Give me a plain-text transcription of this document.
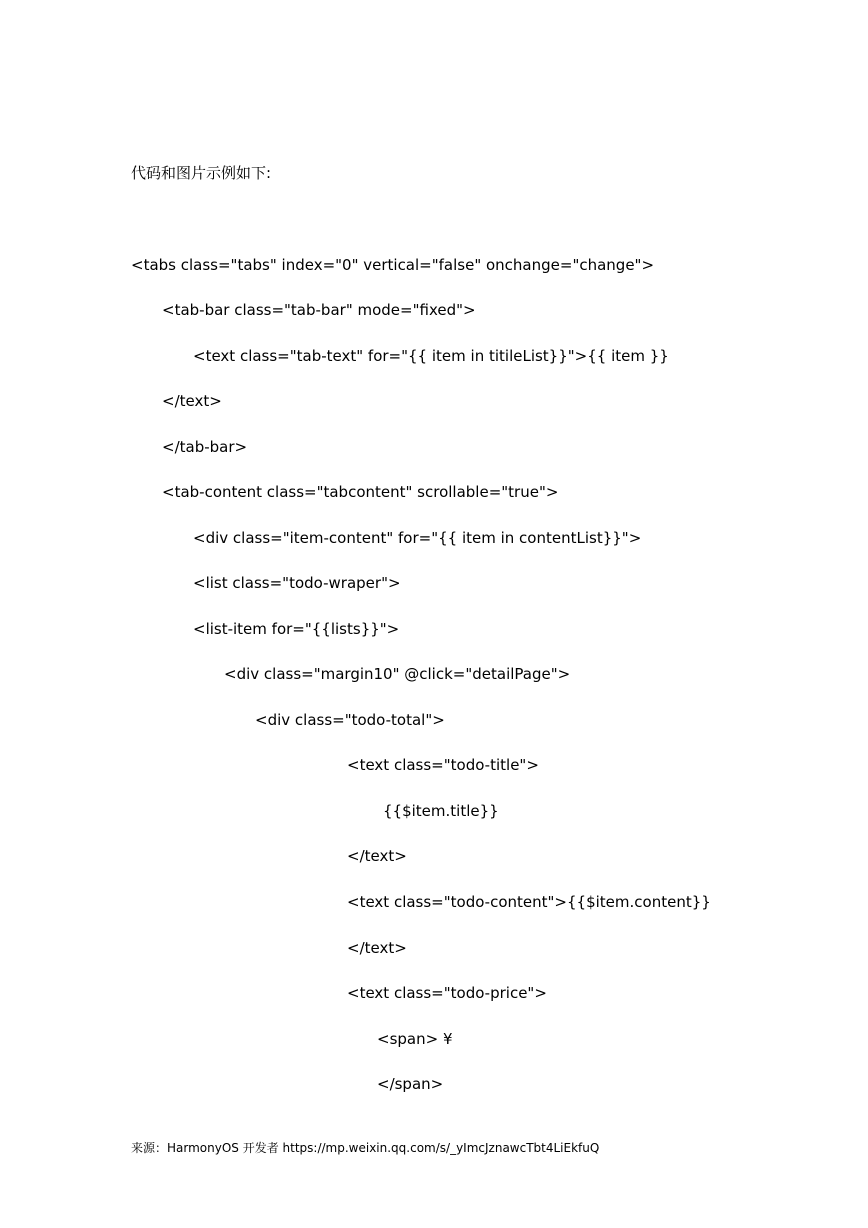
代码和图片示例如下:
<tabs class="tabs" index="0" vertical="false" onchange="change">
<tab-bar class="tab-bar" mode="fixed">
<text class="tab-text" for="{{ item in titileList}}">{{ item }}
</text>
</tab-bar>
<tab-content class="tabcontent" scrollable="true">
<div class="item-content" for="{{ item in contentList}}">
<list class="todo-wraper">
<list-item for="{{lists}}">
<div class="margin10" @click="detailPage">
<div class="todo-total">
<text class="todo-title">
{{$item.title}}
</text>
<text class="todo-content">{{$item.content}}
</text>
<text class="todo-price">
<span> ¥
</span>
来源：HarmonyOS 开发者 https://mp.weixin.qq.com/s/_yImcJznawcTbt4LiEkfuQ
